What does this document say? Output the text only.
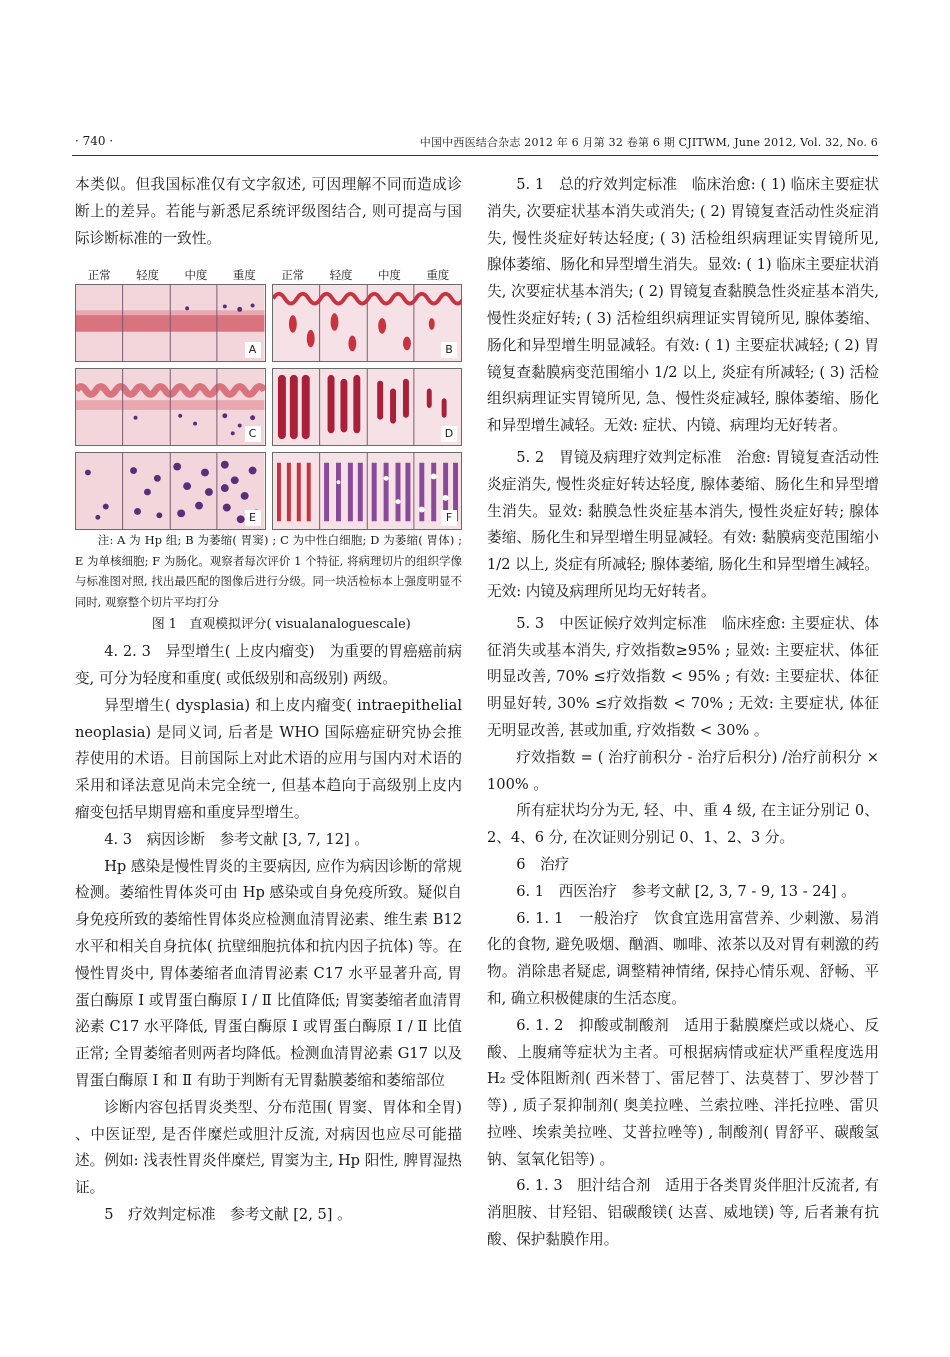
· 740 ·	中国中西医结合杂志 2012 年 6 月第 32 卷第 6 期 CJITWM, June 2012, Vol. 32, No. 6

本类似。但我国标准仅有文字叙述, 可因理解不同而造成诊断上的差异。若能与新悉尼系统评级图结合, 则可提高与国际诊断标准的一致性。

正常 轻度 中度 重度 正常 轻度 中度 重度
A	B
C	D
E	F

注: A 为 Hp 组; B 为萎缩( 胃窦) ; C 为中性白细胞; D 为萎缩( 胃体) ; E 为单核细胞; F 为肠化。观察者每次评价 1 个特征, 将病理切片的组织学像与标准图对照, 找出最匹配的图像后进行分级。同一块活检标本上强度明显不同时, 观察整个切片平均打分

图 1　直观模拟评分( visualanaloguescale)

4. 2. 3　异型增生( 上皮内瘤变)　为重要的胃癌癌前病变, 可分为轻度和重度( 或低级别和高级别) 两级。

异型增生( dysplasia) 和上皮内瘤变( intraepithelial neoplasia) 是同义词, 后者是 WHO 国际癌症研究协会推荐使用的术语。目前国际上对此术语的应用与国内对术语的采用和译法意见尚未完全统一, 但基本趋向于高级别上皮内瘤变包括早期胃癌和重度异型增生。

4. 3　病因诊断　参考文献 [3, 7, 12] 。

Hp 感染是慢性胃炎的主要病因, 应作为病因诊断的常规检测。萎缩性胃体炎可由 Hp 感染或自身免疫所致。疑似自身免疫所致的萎缩性胃体炎应检测血清胃泌素、维生素 B12 水平和相关自身抗体( 抗壁细胞抗体和抗内因子抗体) 等。在慢性胃炎中, 胃体萎缩者血清胃泌素 C17 水平显著升高, 胃蛋白酶原 Ⅰ 或胃蛋白酶原 Ⅰ / Ⅱ 比值降低; 胃窦萎缩者血清胃泌素 C17 水平降低, 胃蛋白酶原 Ⅰ 或胃蛋白酶原 Ⅰ / Ⅱ 比值正常; 全胃萎缩者则两者均降低。检测血清胃泌素 G17 以及胃蛋白酶原 Ⅰ 和 Ⅱ 有助于判断有无胃黏膜萎缩和萎缩部位

诊断内容包括胃炎类型、分布范围( 胃窦、胃体和全胃) 、中医证型, 是否伴糜烂或胆汁反流, 对病因也应尽可能描述。例如: 浅表性胃炎伴糜烂, 胃窦为主, Hp 阳性, 脾胃湿热证。

5　疗效判定标准　参考文献 [2, 5] 。

5. 1　总的疗效判定标准　临床治愈: ( 1) 临床主要症状消失, 次要症状基本消失或消失; ( 2) 胃镜复查活动性炎症消失, 慢性炎症好转达轻度; ( 3) 活检组织病理证实胃镜所见, 腺体萎缩、肠化和异型增生消失。显效: ( 1) 临床主要症状消失, 次要症状基本消失; ( 2) 胃镜复查黏膜急性炎症基本消失, 慢性炎症好转; ( 3) 活检组织病理证实胃镜所见, 腺体萎缩、肠化和异型增生明显减轻。有效: ( 1) 主要症状减轻; ( 2) 胃镜复查黏膜病变范围缩小 1/2 以上, 炎症有所减轻; ( 3) 活检组织病理证实胃镜所见, 急、慢性炎症减轻, 腺体萎缩、肠化和异型增生减轻。无效: 症状、内镜、病理均无好转者。

5. 2　胃镜及病理疗效判定标准　治愈: 胃镜复查活动性炎症消失, 慢性炎症好转达轻度, 腺体萎缩、肠化生和异型增生消失。显效: 黏膜急性炎症基本消失, 慢性炎症好转; 腺体萎缩、肠化生和异型增生明显减轻。有效: 黏膜病变范围缩小 1/2 以上, 炎症有所减轻; 腺体萎缩, 肠化生和异型增生减轻。无效: 内镜及病理所见均无好转者。

5. 3　中医证候疗效判定标准　临床痊愈: 主要症状、体征消失或基本消失, 疗效指数≥95% ; 显效: 主要症状、体征明显改善, 70% ≤疗效指数 < 95% ; 有效: 主要症状、体征明显好转, 30% ≤疗效指数 < 70% ; 无效: 主要症状, 体征无明显改善, 甚或加重, 疗效指数 < 30% 。

疗效指数 = ( 治疗前积分 - 治疗后积分) /治疗前积分 × 100% 。

所有症状均分为无, 轻、中、重 4 级, 在主证分别记 0、2、4、6 分, 在次证则分别记 0、1、2、3 分。

6　治疗

6. 1　西医治疗　参考文献 [2, 3, 7 - 9, 13 - 24] 。

6. 1. 1　一般治疗　饮食宜选用富营养、少刺激、易消化的食物, 避免吸烟、酗酒、咖啡、浓茶以及对胃有刺激的药物。消除患者疑虑, 调整精神情绪, 保持心情乐观、舒畅、平和, 确立积极健康的生活态度。

6. 1. 2　抑酸或制酸剂　适用于黏膜糜烂或以烧心、反酸、上腹痛等症状为主者。可根据病情或症状严重程度选用 H₂ 受体阻断剂( 西米替丁、雷尼替丁、法莫替丁、罗沙替丁等) , 质子泵抑制剂( 奥美拉唑、兰索拉唑、泮托拉唑、雷贝拉唑、埃索美拉唑、艾普拉唑等) , 制酸剂( 胃舒平、碳酸氢钠、氢氧化铝等) 。

6. 1. 3　胆汁结合剂　适用于各类胃炎伴胆汁反流者, 有消胆胺、甘羟铝、铝碳酸镁( 达喜、威地镁) 等, 后者兼有抗酸、保护黏膜作用。
